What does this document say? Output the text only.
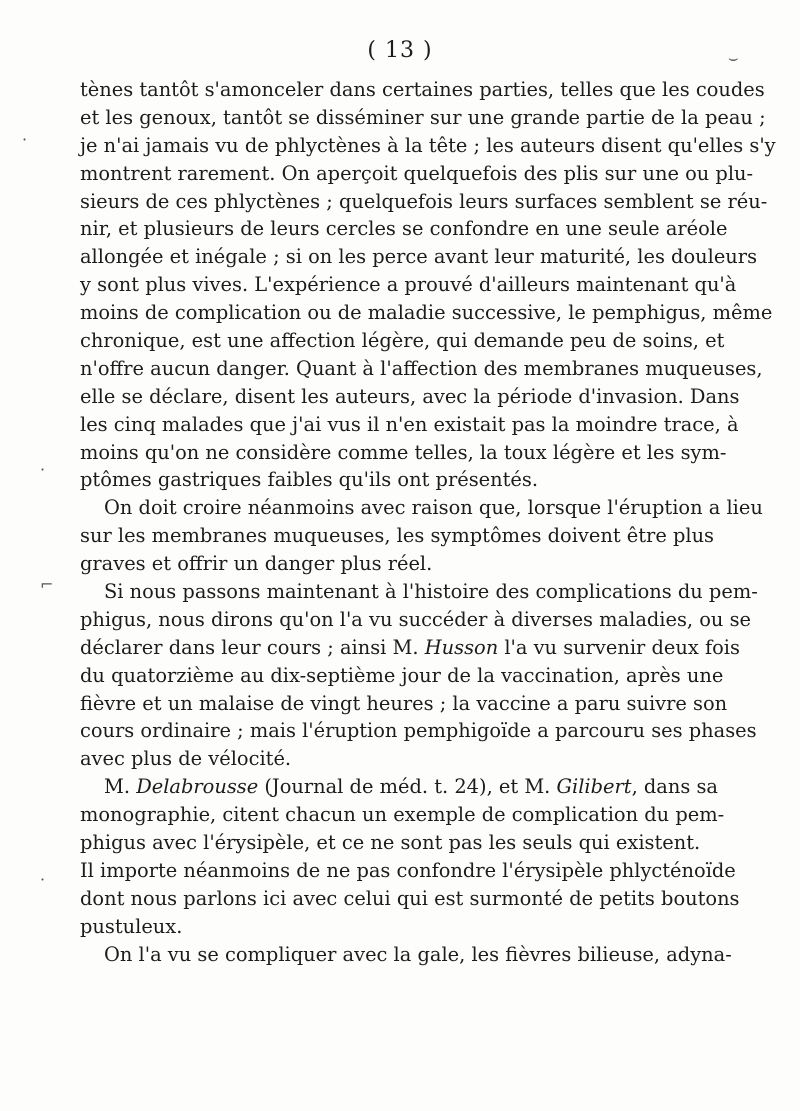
( 13 )	⌣
·
·
⌐
·
tènes tantôt s'amonceler dans certaines parties, telles que les coudes
et les genoux, tantôt se disséminer sur une grande partie de la peau ;
je n'ai jamais vu de phlyctènes à la tête ; les auteurs disent qu'elles s'y
montrent rarement. On aperçoit quelquefois des plis sur une ou plu-
sieurs de ces phlyctènes ; quelquefois leurs surfaces semblent se réu-
nir, et plusieurs de leurs cercles se confondre en une seule aréole
allongée et inégale ; si on les perce avant leur maturité, les douleurs
y sont plus vives. L'expérience a prouvé d'ailleurs maintenant qu'à
moins de complication ou de maladie successive, le pemphigus, même
chronique, est une affection légère, qui demande peu de soins, et
n'offre aucun danger. Quant à l'affection des membranes muqueuses,
elle se déclare, disent les auteurs, avec la période d'invasion. Dans
les cinq malades que j'ai vus il n'en existait pas la moindre trace, à
moins qu'on ne considère comme telles, la toux légère et les sym-
ptômes gastriques faibles qu'ils ont présentés.
On doit croire néanmoins avec raison que, lorsque l'éruption a lieu
sur les membranes muqueuses, les symptômes doivent être plus
graves et offrir un danger plus réel.
Si nous passons maintenant à l'histoire des complications du pem-
phigus, nous dirons qu'on l'a vu succéder à diverses maladies, ou se
déclarer dans leur cours ; ainsi M. Husson l'a vu survenir deux fois
du quatorzième au dix-septième jour de la vaccination, après une
fièvre et un malaise de vingt heures ; la vaccine a paru suivre son
cours ordinaire ; mais l'éruption pemphigoïde a parcouru ses phases
avec plus de vélocité.
M. Delabrousse (Journal de méd. t. 24), et M. Gilibert, dans sa
monographie, citent chacun un exemple de complication du pem-
phigus avec l'érysipèle, et ce ne sont pas les seuls qui existent.
Il importe néanmoins de ne pas confondre l'érysipèle phlycténoïde
dont nous parlons ici avec celui qui est surmonté de petits boutons
pustuleux.
On l'a vu se compliquer avec la gale, les fièvres bilieuse, adyna-
